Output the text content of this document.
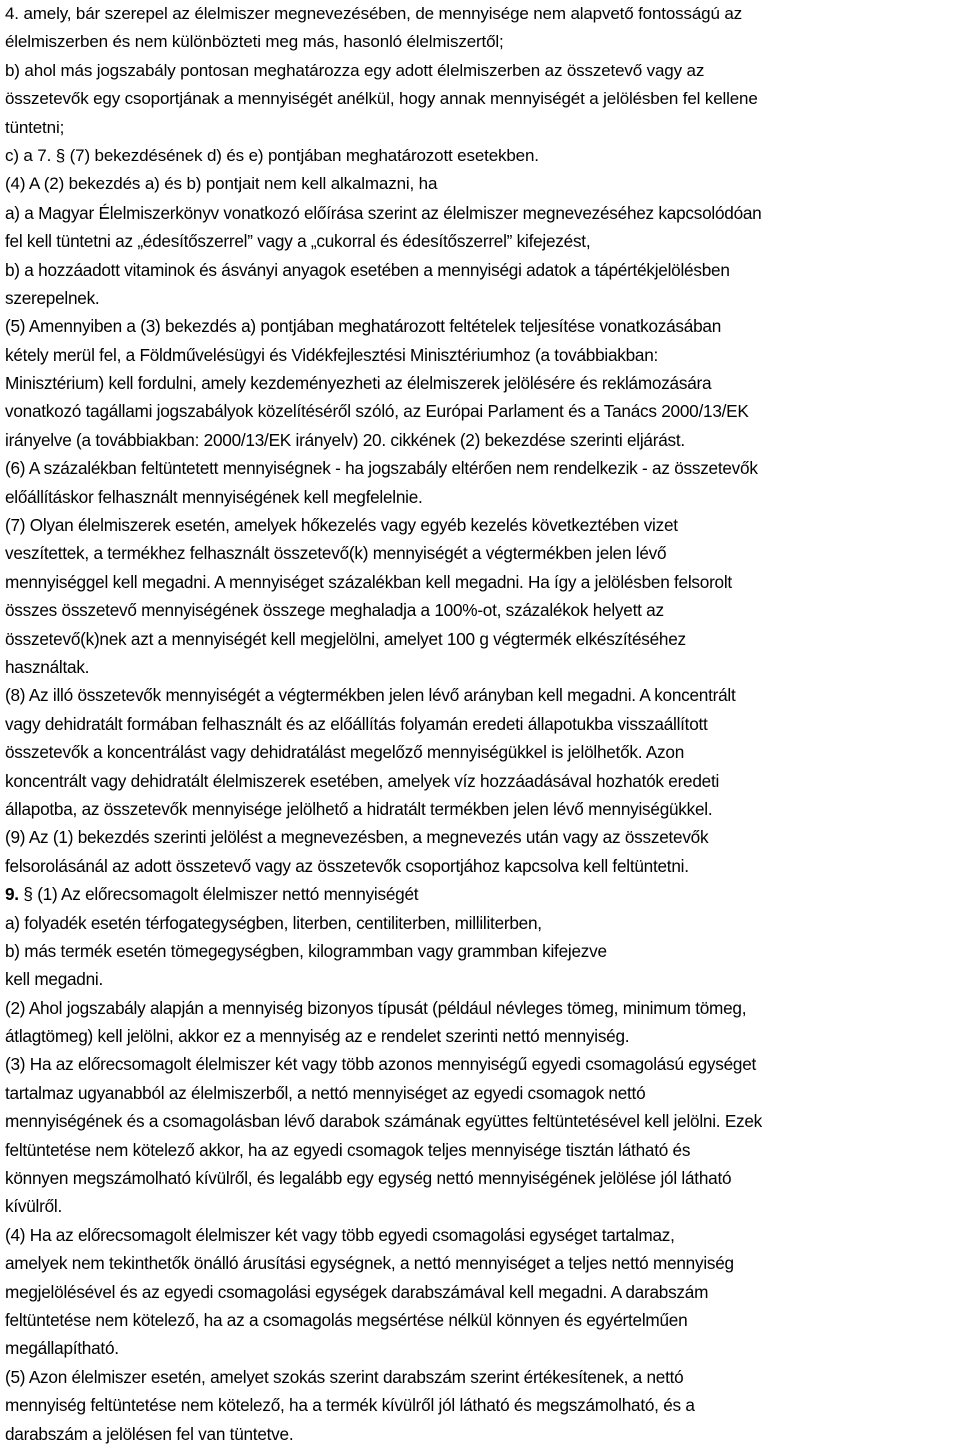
4. amely, bár szerepel az élelmiszer megnevezésében, de mennyisége nem alapvető fontosságú az
élelmiszerben és nem különbözteti meg más, hasonló élelmiszertől;
b) ahol más jogszabály pontosan meghatározza egy adott élelmiszerben az összetevő vagy az
összetevők egy csoportjának a mennyiségét anélkül, hogy annak mennyiségét a jelölésben fel kellene
tüntetni;
c) a 7. § (7) bekezdésének d) és e) pontjában meghatározott esetekben.
(4) A (2) bekezdés a) és b) pontjait nem kell alkalmazni, ha
a) a Magyar Élelmiszerkönyv vonatkozó előírása szerint az élelmiszer megnevezéséhez kapcsolódóan
fel kell tüntetni az „édesítőszerrel” vagy a „cukorral és édesítőszerrel” kifejezést,
b) a hozzáadott vitaminok és ásványi anyagok esetében a mennyiségi adatok a tápértékjelölésben
szerepelnek.
(5) Amennyiben a (3) bekezdés a) pontjában meghatározott feltételek teljesítése vonatkozásában
kétely merül fel, a Földművelésügyi és Vidékfejlesztési Minisztériumhoz (a továbbiakban:
Minisztérium) kell fordulni, amely kezdeményezheti az élelmiszerek jelölésére és reklámozására
vonatkozó tagállami jogszabályok közelítéséről szóló, az Európai Parlament és a Tanács 2000/13/EK
irányelve (a továbbiakban: 2000/13/EK irányelv) 20. cikkének (2) bekezdése szerinti eljárást.
(6) A százalékban feltüntetett mennyiségnek - ha jogszabály eltérően nem rendelkezik - az összetevők
előállításkor felhasznált mennyiségének kell megfelelnie.
(7) Olyan élelmiszerek esetén, amelyek hőkezelés vagy egyéb kezelés következtében vizet
veszítettek, a termékhez felhasznált összetevő(k) mennyiségét a végtermékben jelen lévő
mennyiséggel kell megadni. A mennyiséget százalékban kell megadni. Ha így a jelölésben felsorolt
összes összetevő mennyiségének összege meghaladja a 100%-ot, százalékok helyett az
összetevő(k)nek azt a mennyiségét kell megjelölni, amelyet 100 g végtermék elkészítéséhez
használtak.
(8) Az illó összetevők mennyiségét a végtermékben jelen lévő arányban kell megadni. A koncentrált
vagy dehidratált formában felhasznált és az előállítás folyamán eredeti állapotukba visszaállított
összetevők a koncentrálást vagy dehidratálást megelőző mennyiségükkel is jelölhetők. Azon
koncentrált vagy dehidratált élelmiszerek esetében, amelyek víz hozzáadásával hozhatók eredeti
állapotba, az összetevők mennyisége jelölhető a hidratált termékben jelen lévő mennyiségükkel.
(9) Az (1) bekezdés szerinti jelölést a megnevezésben, a megnevezés után vagy az összetevők
felsorolásánál az adott összetevő vagy az összetevők csoportjához kapcsolva kell feltüntetni.
9. § (1) Az előrecsomagolt élelmiszer nettó mennyiségét
a) folyadék esetén térfogategységben, literben, centiliterben, milliliterben,
b) más termék esetén tömegegységben, kilogrammban vagy grammban kifejezve
kell megadni.
(2) Ahol jogszabály alapján a mennyiség bizonyos típusát (például névleges tömeg, minimum tömeg,
átlagtömeg) kell jelölni, akkor ez a mennyiség az e rendelet szerinti nettó mennyiség.
(3) Ha az előrecsomagolt élelmiszer két vagy több azonos mennyiségű egyedi csomagolású egységet
tartalmaz ugyanabból az élelmiszerből, a nettó mennyiséget az egyedi csomagok nettó
mennyiségének és a csomagolásban lévő darabok számának együttes feltüntetésével kell jelölni. Ezek
feltüntetése nem kötelező akkor, ha az egyedi csomagok teljes mennyisége tisztán látható és
könnyen megszámolható kívülről, és legalább egy egység nettó mennyiségének jelölése jól látható
kívülről.
(4) Ha az előrecsomagolt élelmiszer két vagy több egyedi csomagolási egységet tartalmaz,
amelyek nem tekinthetők önálló árusítási egységnek, a nettó mennyiséget a teljes nettó mennyiség
megjelölésével és az egyedi csomagolási egységek darabszámával kell megadni. A darabszám
feltüntetése nem kötelező, ha az a csomagolás megsértése nélkül könnyen és egyértelműen
megállapítható.
(5) Azon élelmiszer esetén, amelyet szokás szerint darabszám szerint értékesítenek, a nettó
mennyiség feltüntetése nem kötelező, ha a termék kívülről jól látható és megszámolható, és a
darabszám a jelölésen fel van tüntetve.
